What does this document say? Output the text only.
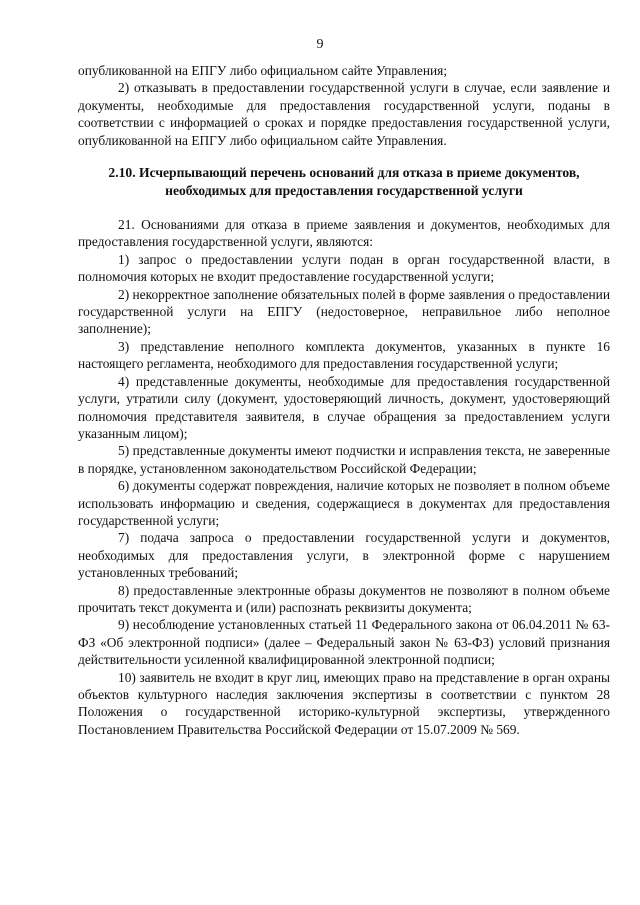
9

опубликованной на ЕПГУ либо официальном сайте Управления;

2) отказывать в предоставлении государственной услуги в случае, если заявление и документы, необходимые для предоставления государственной услуги, поданы в соответствии с информацией о сроках и порядке предоставления государственной услуги, опубликованной на ЕПГУ либо официальном сайте Управления.

2.10. Исчерпывающий перечень оснований для отказа в приеме документов,
необходимых для предоставления государственной услуги

21. Основаниями для отказа в приеме заявления и документов, необходимых для предоставления государственной услуги, являются:

1) запрос о предоставлении услуги подан в орган государственной власти, в полномочия которых не входит предоставление государственной услуги;

2) некорректное заполнение обязательных полей в форме заявления о предоставлении государственной услуги на ЕПГУ (недостоверное, неправильное либо неполное заполнение);

3) представление неполного комплекта документов, указанных в пункте 16 настоящего регламента, необходимого для предоставления государственной услуги;

4) представленные документы, необходимые для предоставления государственной услуги, утратили силу (документ, удостоверяющий личность, документ, удостоверяющий полномочия представителя заявителя, в случае обращения за предоставлением услуги указанным лицом);

5) представленные документы имеют подчистки и исправления текста, не заверенные в порядке, установленном законодательством Российской Федерации;

6) документы содержат повреждения, наличие которых не позволяет в полном объеме использовать информацию и сведения, содержащиеся в документах для предоставления государственной услуги;

7) подача запроса о предоставлении государственной услуги и документов, необходимых для предоставления услуги, в электронной форме с нарушением установленных требований;

8) предоставленные электронные образы документов не позволяют в полном объеме прочитать текст документа и (или) распознать реквизиты документа;

9) несоблюдение установленных статьей 11 Федерального закона от 06.04.2011 № 63-ФЗ «Об электронной подписи» (далее – Федеральный закон № 63-ФЗ) условий признания действительности усиленной квалифицированной электронной подписи;

10) заявитель не входит в круг лиц, имеющих право на представление в орган охраны объектов культурного наследия заключения экспертизы в соответствии с пунктом 28 Положения о государственной историко-культурной экспертизы, утвержденного Постановлением Правительства Российской Федерации от 15.07.2009 № 569.
